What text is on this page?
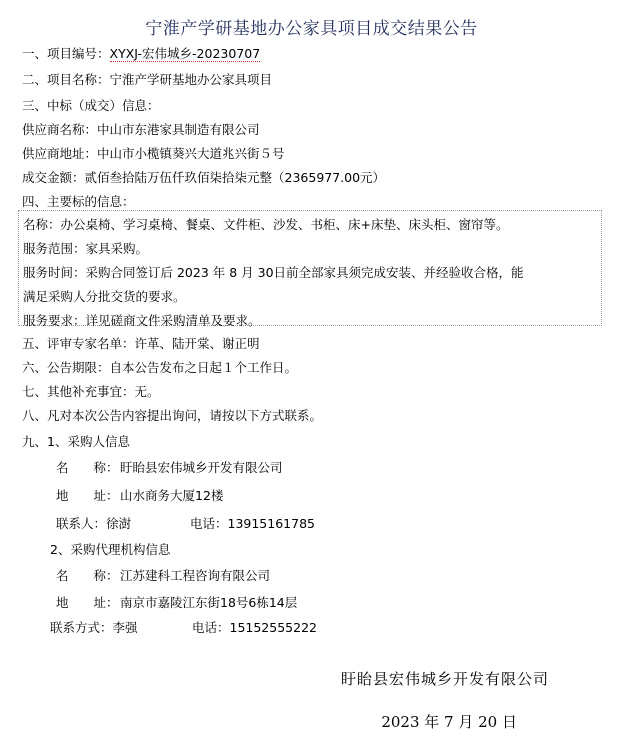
宁淮产学研基地办公家具项目成交结果公告
一、项目编号：XYXJ-宏伟城乡-20230707
二、项目名称：宁淮产学研基地办公家具项目
三、中标（成交）信息：
供应商名称：中山市东港家具制造有限公司
供应商地址：中山市小榄镇葵兴大道兆兴街５号
成交金额：贰佰叁拾陆万伍仟玖佰柒拾柒元整（2365977.00元）
四、主要标的信息：
名称：办公桌椅、学习桌椅、餐桌、文件柜、沙发、书柜、床+床垫、床头柜、窗帘等。
服务范围：家具采购。
服务时间：采购合同签订后 2023 年 8 月 30日前全部家具须完成安装、并经验收合格，能
满足采购人分批交货的要求。
服务要求：详见磋商文件采购清单及要求。
五、评审专家名单：许革、陆开棠、谢正明
六、公告期限：自本公告发布之日起１个工作日。
七、其他补充事宜：无。
八、凡对本次公告内容提出询问，请按以下方式联系。
九、1、采购人信息
名　　称：盱眙县宏伟城乡开发有限公司
地　　址：山水商务大厦12楼
联系人：徐澍	电话：13915161785
2、采购代理机构信息
名　　称：江苏建科工程咨询有限公司
地　　址：南京市嘉陵江东街18号6栋14层
联系方式：李强	电话：15152555222
盱眙县宏伟城乡开发有限公司
2023 年 7 月 20 日
